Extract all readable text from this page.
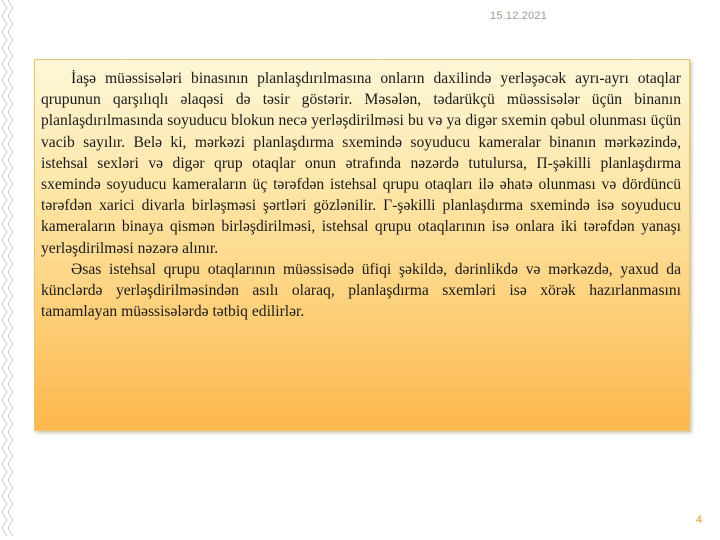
15.12.2021

İaşə müəssisələri binasının planlaşdırılmasına onların daxilində yerləşəcək ayrı-ayrı otaqlar qrupunun qarşılıqlı əlaqəsi də təsir göstərir. Məsələn, tədarükçü müəssisələr üçün binanın planlaşdırılmasında soyuducu blokun necə yerləşdirilməsi bu və ya digər sxemin qəbul olunması üçün vacib sayılır. Belə ki, mərkəzi planlaşdırma sxemində soyuducu kameralar binanın mərkəzində, istehsal sexləri və digər qrup otaqlar onun ətrafında nəzərdə tutulursa, П-şəkilli planlaşdırma sxemində soyuducu kameraların üç tərəfdən istehsal qrupu otaqları ilə əhatə olunması və dördüncü tərəfdən xarici divarla birləşməsi şərtləri gözlənilir. Г-şəkilli planlaşdırma sxemində isə soyuducu kameraların binaya qismən birləşdirilməsi, istehsal qrupu otaqlarının isə onlara iki tərəfdən yanaşı yerləşdirilməsi nəzərə alınır.

Əsas istehsal qrupu otaqlarının müəssisədə üfiqi şəkildə, dərinlikdə və mərkəzdə, yaxud da künclərdə yerləşdirilməsindən asılı olaraq, planlaşdırma sxemləri isə xörək hazırlanmasını tamamlayan müəssisələrdə tətbiq edilirlər.

4
